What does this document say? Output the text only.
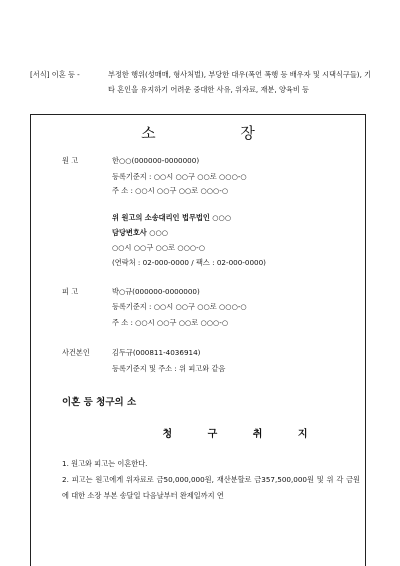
[서식] 이혼 등 -	부정한 행위(성매매, 형사처벌), 부당한 대우(폭언 폭행 등 배우자 및 시댁식구들), 기타 혼인을 유지하기 어려운 중대한 사유, 위자료, 재분, 양육비 등
소 장
원 고	한○○(000000-0000000)
등록기준지 : ○○시 ○○구 ○○로 ○○○-○
주 소 : ○○시 ○○구 ○○로 ○○○-○
위 원고의 소송대리인 법무법인 ○○○
담당변호사 ○○○
○○시 ○○구 ○○로 ○○○-○
(연락처 : 02-000-0000 / 팩스 : 02-000-0000)
피 고	박○규(000000-0000000)
등록기준지 : ○○시 ○○구 ○○로 ○○○-○
주 소 : ○○시 ○○구 ○○로 ○○○-○
사건본인	김두규(000811-4036914)
등록기준지 및 주소 : 위 피고와 같음
이혼 등 청구의 소
청 구 취 지

1. 원고와 피고는 이혼한다.

2. 피고는 원고에게 위자료로 금50,000,000원, 재산분할로 금357,500,000원 및 위 각 금원에 대한 소장 부본 송달일 다음날부터 완제일까지 연
